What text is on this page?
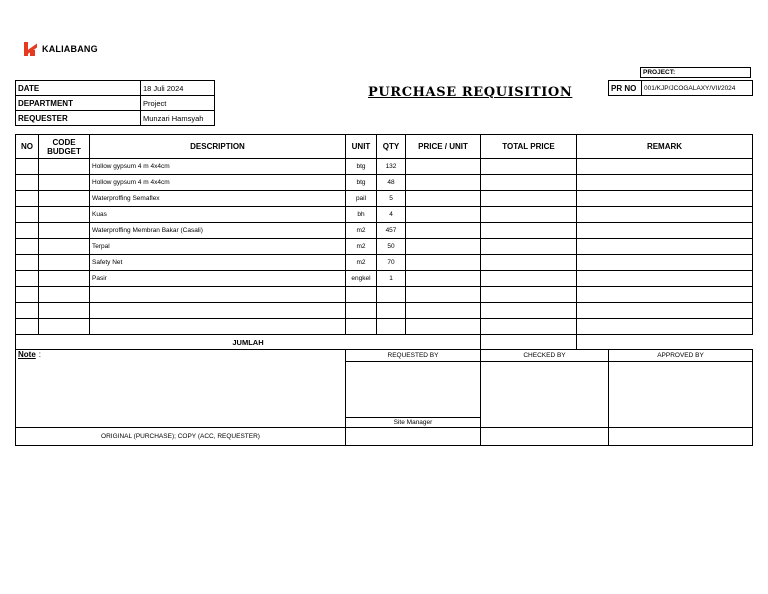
KALIABANG
DATE	18 Juli 2024
DEPARTMENT	Project
REQUESTER	Munzari Hamsyah
PURCHASE REQUISITION
PROJECT:
PR NO	001/KJP/JCOGALAXY/VII/2024
NO	CODE BUDGET	DESCRIPTION	UNIT	QTY	PRICE / UNIT	TOTAL PRICE	REMARK
		Hollow gypsum 4 m 4x4cm	btg	132			
		Hollow gypsum 4 m 4x4cm	btg	48			
		Waterproffing Semaflex	pail	5			
		Kuas	bh	4			
		Waterproffing Membran Bakar (Casali)	m2	457			
		Terpal	m2	50			
		Safety Net	m2	70			
		Pasir	engkel	1			

JUMLAH							
Note :	REQUESTED BY	CHECKED BY	APPROVED BY

	Site Manager		
ORIGINAL (PURCHASE); COPY (ACC, REQUESTER)			
